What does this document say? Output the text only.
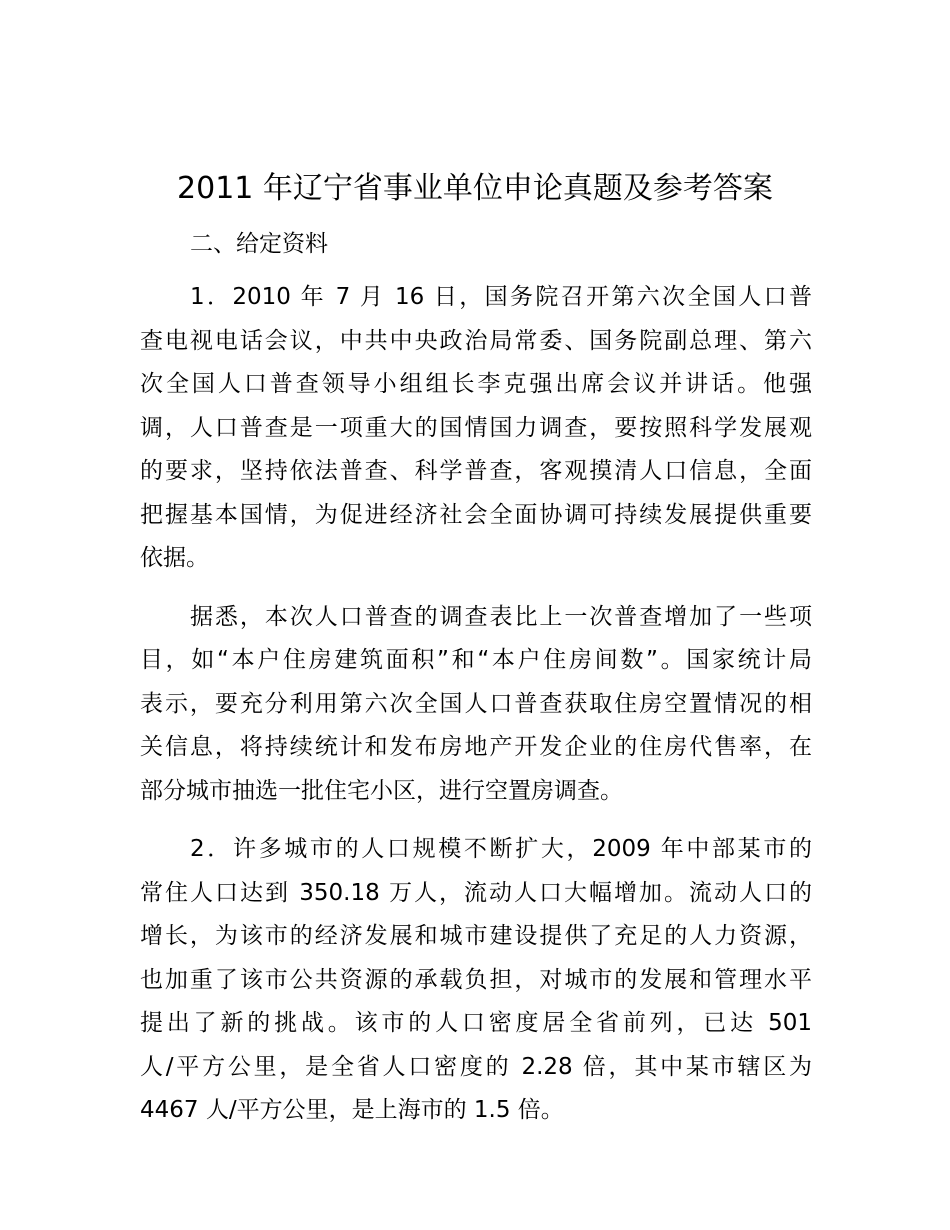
2011 年辽宁省事业单位申论真题及参考答案
二、给定资料

1．2010 年 7 月 16 日，国务院召开第六次全国人口普
查电视电话会议，中共中央政治局常委、国务院副总理、第六
次全国人口普查领导小组组长李克强出席会议并讲话。他强
调，人口普查是一项重大的国情国力调查，要按照科学发展观
的要求，坚持依法普查、科学普查，客观摸清人口信息，全面
把握基本国情，为促进经济社会全面协调可持续发展提供重要
依据。

据悉，本次人口普查的调查表比上一次普查增加了一些项
目，如“本户住房建筑面积”和“本户住房间数”。国家统计局
表示，要充分利用第六次全国人口普查获取住房空置情况的相
关信息，将持续统计和发布房地产开发企业的住房代售率，在
部分城市抽选一批住宅小区，进行空置房调查。

2．许多城市的人口规模不断扩大，2009 年中部某市的
常住人口达到 350.18 万人，流动人口大幅增加。流动人口的
增长，为该市的经济发展和城市建设提供了充足的人力资源，
也加重了该市公共资源的承载负担，对城市的发展和管理水平
提出了新的挑战。该市的人口密度居全省前列，已达 501
人/平方公里，是全省人口密度的 2.28 倍，其中某市辖区为
4467 人/平方公里，是上海市的 1.5 倍。
